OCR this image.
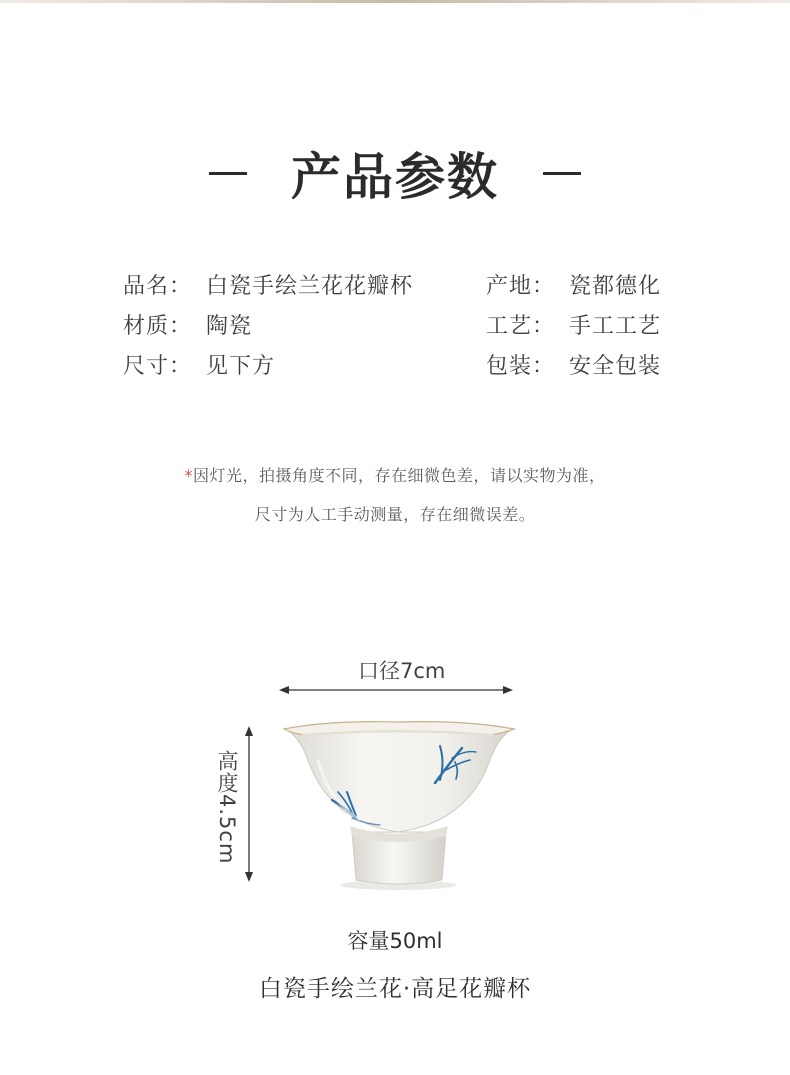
产品参数
品名： 白瓷手绘兰花花瓣杯	产地： 瓷都德化
材质： 陶瓷	工艺： 手工工艺
尺寸： 见下方	包装： 安全包装
*因灯光，拍摄角度不同，存在细微色差，请以实物为准，
尺寸为人工手动测量，存在细微误差。
口径7cm
高度4.5cm
容量50ml
白瓷手绘兰花·高足花瓣杯
